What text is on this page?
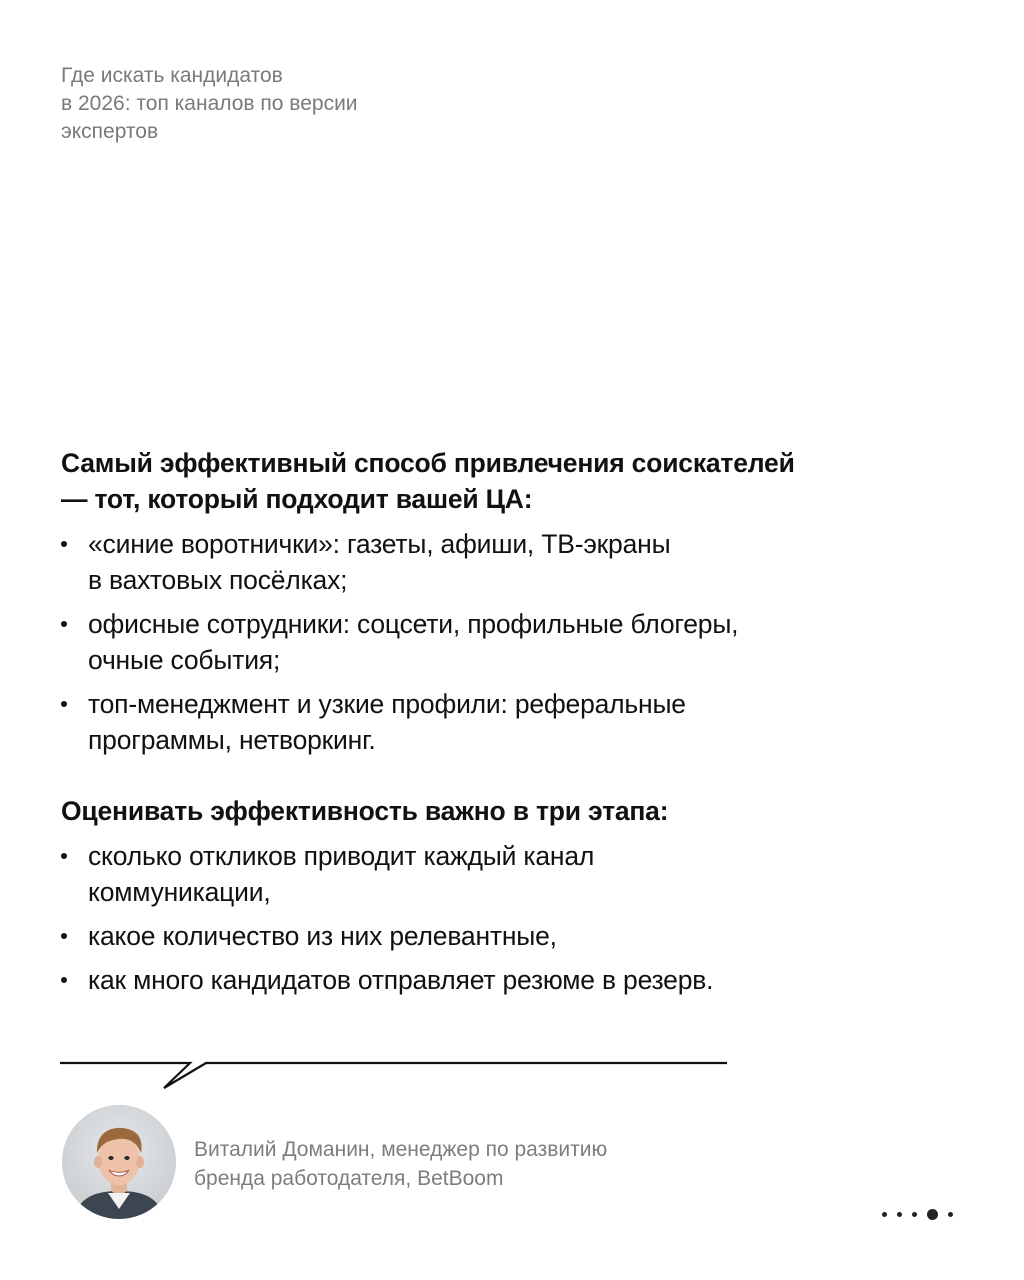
Где искать кандидатов
в 2026: топ каналов по версии
экспертов
Самый эффективный способ привлечения соискателей
— тот, который подходит вашей ЦА:
«синие воротнички»: газеты, афиши, ТВ-экраны
в вахтовых посёлках;
офисные сотрудники: соцсети, профильные блогеры,
очные события;
топ-менеджмент и узкие профили: реферальные
программы, нетворкинг.
Оценивать эффективность важно в три этапа:
сколько откликов приводит каждый канал
коммуникации,
какое количество из них релевантные,
как много кандидатов отправляет резюме в резерв.
Виталий Доманин, менеджер по развитию
бренда работодателя, BetBoom
